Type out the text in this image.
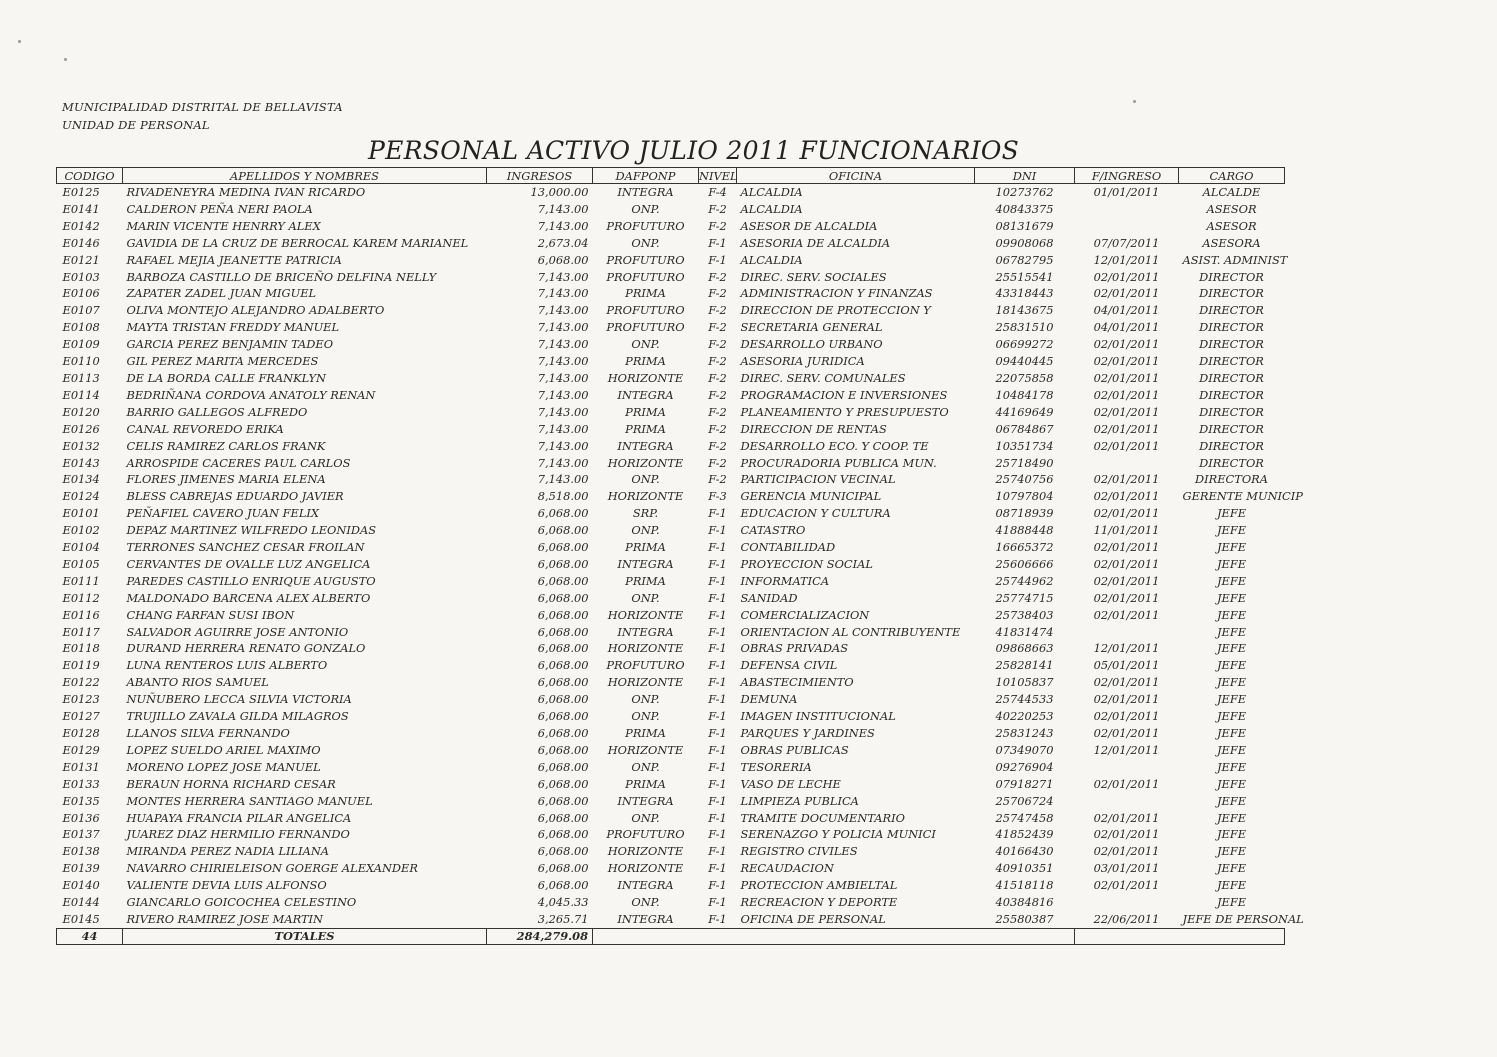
MUNICIPALIDAD DISTRITAL DE BELLAVISTA
UNIDAD DE PERSONAL
PERSONAL ACTIVO JULIO 2011 FUNCIONARIOS
CODIGO	APELLIDOS Y NOMBRES	INGRESOS	DAFPONP	NIVEL	OFICINA	DNI	F/INGRESO	CARGO
E0125	RIVADENEYRA MEDINA IVAN RICARDO	13,000.00	INTEGRA	F-4	ALCALDIA	10273762	01/01/2011	ALCALDE
E0141	CALDERON PEÑA NERI PAOLA	7,143.00	ONP.	F-2	ALCALDIA	40843375		ASESOR
E0142	MARIN VICENTE HENRRY ALEX	7,143.00	PROFUTURO	F-2	ASESOR DE ALCALDIA	08131679		ASESOR
E0146	GAVIDIA DE LA CRUZ DE BERROCAL KAREM MARIANEL	2,673.04	ONP.	F-1	ASESORIA DE ALCALDIA	09908068	07/07/2011	ASESORA
E0121	RAFAEL MEJIA JEANETTE PATRICIA	6,068.00	PROFUTURO	F-1	ALCALDIA	06782795	12/01/2011	ASIST. ADMINIST
E0103	BARBOZA CASTILLO DE BRICEÑO DELFINA NELLY	7,143.00	PROFUTURO	F-2	DIREC. SERV. SOCIALES	25515541	02/01/2011	DIRECTOR
E0106	ZAPATER ZADEL JUAN MIGUEL	7,143.00	PRIMA	F-2	ADMINISTRACION Y FINANZAS	43318443	02/01/2011	DIRECTOR
E0107	OLIVA MONTEJO ALEJANDRO ADALBERTO	7,143.00	PROFUTURO	F-2	DIRECCION DE PROTECCION Y	18143675	04/01/2011	DIRECTOR
E0108	MAYTA TRISTAN FREDDY MANUEL	7,143.00	PROFUTURO	F-2	SECRETARIA GENERAL	25831510	04/01/2011	DIRECTOR
E0109	GARCIA PEREZ BENJAMIN TADEO	7,143.00	ONP.	F-2	DESARROLLO URBANO	06699272	02/01/2011	DIRECTOR
E0110	GIL PEREZ MARITA MERCEDES	7,143.00	PRIMA	F-2	ASESORIA JURIDICA	09440445	02/01/2011	DIRECTOR
E0113	DE LA BORDA CALLE FRANKLYN	7,143.00	HORIZONTE	F-2	DIREC. SERV. COMUNALES	22075858	02/01/2011	DIRECTOR
E0114	BEDRIÑANA CORDOVA ANATOLY RENAN	7,143.00	INTEGRA	F-2	PROGRAMACION E INVERSIONES	10484178	02/01/2011	DIRECTOR
E0120	BARRIO GALLEGOS ALFREDO	7,143.00	PRIMA	F-2	PLANEAMIENTO Y PRESUPUESTO	44169649	02/01/2011	DIRECTOR
E0126	CANAL REVOREDO ERIKA	7,143.00	PRIMA	F-2	DIRECCION DE RENTAS	06784867	02/01/2011	DIRECTOR
E0132	CELIS RAMIREZ CARLOS FRANK	7,143.00	INTEGRA	F-2	DESARROLLO ECO. Y COOP. TE	10351734	02/01/2011	DIRECTOR
E0143	ARROSPIDE CACERES PAUL CARLOS	7,143.00	HORIZONTE	F-2	PROCURADORIA PUBLICA MUN.	25718490		DIRECTOR
E0134	FLORES JIMENES MARIA ELENA	7,143.00	ONP.	F-2	PARTICIPACION VECINAL	25740756	02/01/2011	DIRECTORA
E0124	BLESS CABREJAS EDUARDO JAVIER	8,518.00	HORIZONTE	F-3	GERENCIA MUNICIPAL	10797804	02/01/2011	GERENTE MUNICIP
E0101	PEÑAFIEL CAVERO JUAN FELIX	6,068.00	SRP.	F-1	EDUCACION Y CULTURA	08718939	02/01/2011	JEFE
E0102	DEPAZ MARTINEZ WILFREDO LEONIDAS	6,068.00	ONP.	F-1	CATASTRO	41888448	11/01/2011	JEFE
E0104	TERRONES SANCHEZ CESAR FROILAN	6,068.00	PRIMA	F-1	CONTABILIDAD	16665372	02/01/2011	JEFE
E0105	CERVANTES DE OVALLE LUZ ANGELICA	6,068.00	INTEGRA	F-1	PROYECCION SOCIAL	25606666	02/01/2011	JEFE
E0111	PAREDES CASTILLO ENRIQUE AUGUSTO	6,068.00	PRIMA	F-1	INFORMATICA	25744962	02/01/2011	JEFE
E0112	MALDONADO BARCENA ALEX ALBERTO	6,068.00	ONP.	F-1	SANIDAD	25774715	02/01/2011	JEFE
E0116	CHANG FARFAN SUSI IBON	6,068.00	HORIZONTE	F-1	COMERCIALIZACION	25738403	02/01/2011	JEFE
E0117	SALVADOR AGUIRRE JOSE ANTONIO	6,068.00	INTEGRA	F-1	ORIENTACION AL CONTRIBUYENTE	41831474		JEFE
E0118	DURAND HERRERA RENATO GONZALO	6,068.00	HORIZONTE	F-1	OBRAS PRIVADAS	09868663	12/01/2011	JEFE
E0119	LUNA RENTEROS LUIS ALBERTO	6,068.00	PROFUTURO	F-1	DEFENSA CIVIL	25828141	05/01/2011	JEFE
E0122	ABANTO RIOS SAMUEL	6,068.00	HORIZONTE	F-1	ABASTECIMIENTO	10105837	02/01/2011	JEFE
E0123	NUÑUBERO LECCA SILVIA VICTORIA	6,068.00	ONP.	F-1	DEMUNA	25744533	02/01/2011	JEFE
E0127	TRUJILLO ZAVALA GILDA MILAGROS	6,068.00	ONP.	F-1	IMAGEN INSTITUCIONAL	40220253	02/01/2011	JEFE
E0128	LLANOS SILVA FERNANDO	6,068.00	PRIMA	F-1	PARQUES Y JARDINES	25831243	02/01/2011	JEFE
E0129	LOPEZ SUELDO ARIEL MAXIMO	6,068.00	HORIZONTE	F-1	OBRAS PUBLICAS	07349070	12/01/2011	JEFE
E0131	MORENO LOPEZ JOSE MANUEL	6,068.00	ONP.	F-1	TESORERIA	09276904		JEFE
E0133	BERAUN HORNA RICHARD CESAR	6,068.00	PRIMA	F-1	VASO DE LECHE	07918271	02/01/2011	JEFE
E0135	MONTES HERRERA SANTIAGO MANUEL	6,068.00	INTEGRA	F-1	LIMPIEZA PUBLICA	25706724		JEFE
E0136	HUAPAYA FRANCIA PILAR ANGELICA	6,068.00	ONP.	F-1	TRAMITE DOCUMENTARIO	25747458	02/01/2011	JEFE
E0137	JUAREZ DIAZ HERMILIO FERNANDO	6,068.00	PROFUTURO	F-1	SERENAZGO Y POLICIA MUNICI	41852439	02/01/2011	JEFE
E0138	MIRANDA PEREZ NADIA LILIANA	6,068.00	HORIZONTE	F-1	REGISTRO CIVILES	40166430	02/01/2011	JEFE
E0139	NAVARRO CHIRIELEISON GOERGE ALEXANDER	6,068.00	HORIZONTE	F-1	RECAUDACION	40910351	03/01/2011	JEFE
E0140	VALIENTE DEVIA LUIS ALFONSO	6,068.00	INTEGRA	F-1	PROTECCION AMBIELTAL	41518118	02/01/2011	JEFE
E0144	GIANCARLO GOICOCHEA CELESTINO	4,045.33	ONP.	F-1	RECREACION Y DEPORTE	40384816		JEFE
E0145	RIVERO RAMIREZ JOSE MARTIN	3,265.71	INTEGRA	F-1	OFICINA DE PERSONAL	25580387	22/06/2011	JEFE DE PERSONAL
44	TOTALES	284,279.08						
